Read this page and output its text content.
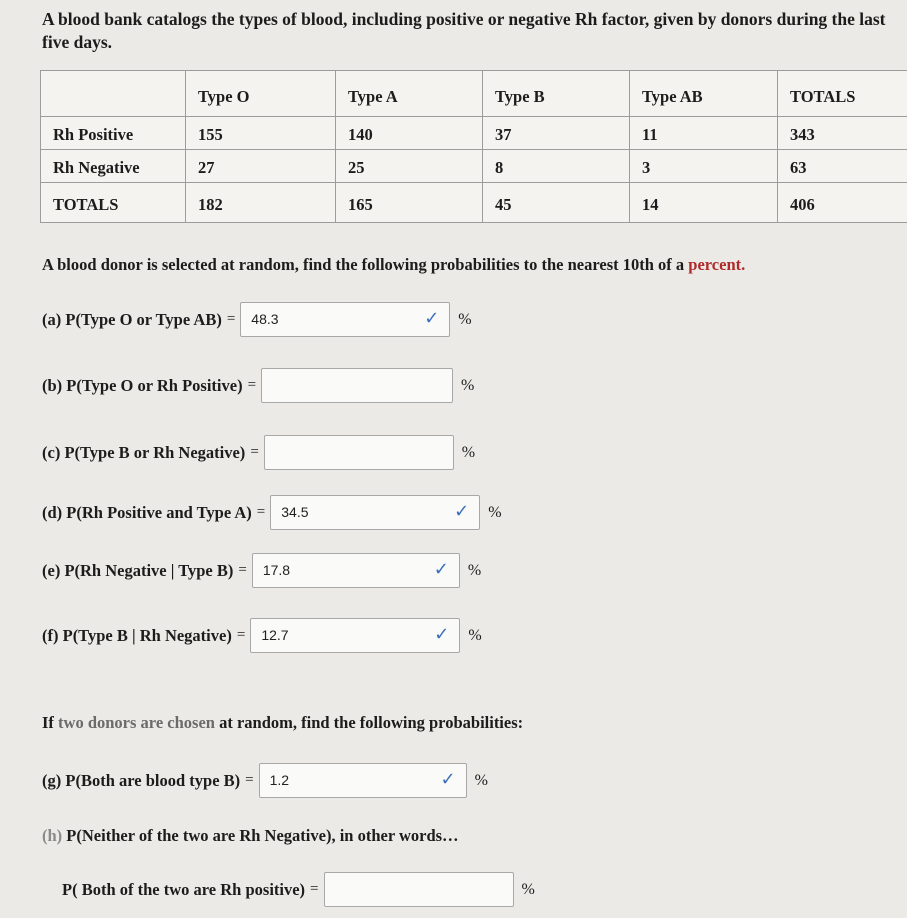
A blood bank catalogs the types of blood, including positive or negative Rh factor, given by donors during the last five days.
	Type O	Type A	Type B	Type AB	TOTALS
Rh Positive	155	140	37	11	343
Rh Negative	27	25	8	3	63
TOTALS	182	165	45	14	406
A blood donor is selected at random, find the following probabilities to the nearest 10th of a percent.
(a) P(Type O or Type AB) =	48.3	✓ %
(b) P(Type O or Rh Positive) =	%
(c) P(Type B or Rh Negative) =	%
(d) P(Rh Positive and Type A) =	34.5	✓ %
(e) P(Rh Negative | Type B) =	17.8	✓ %
(f) P(Type B | Rh Negative) =	12.7	✓ %
If two donors are chosen at random, find the following probabilities:
(g) P(Both are blood type B) =	1.2	✓ %
(h) P(Neither of the two are Rh Negative), in other words…
P( Both of the two are Rh positive) =	%
